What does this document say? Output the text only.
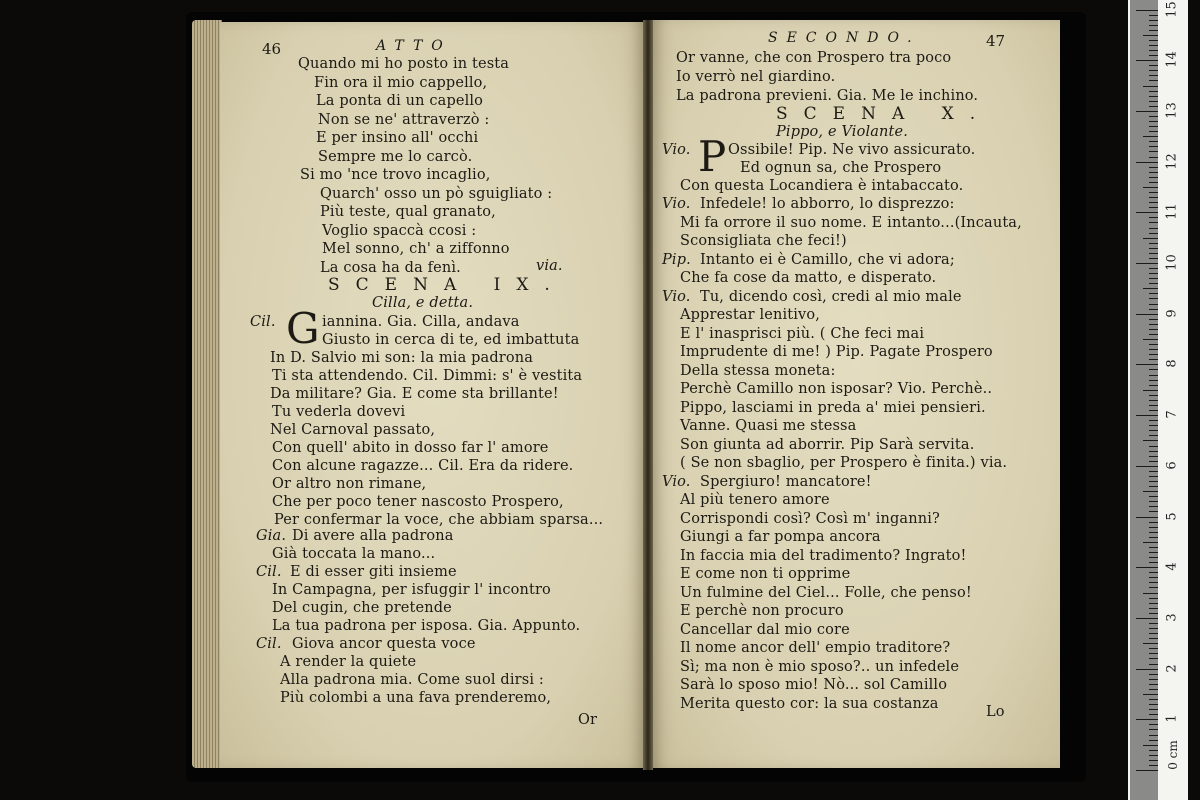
46	ATTO
Quando mi ho posto in testa
Fin ora il mio cappello,
La ponta di un capello
Non se ne' attraverzò :
E per insino all' occhi
Sempre me lo carcò.
Si mo 'nce trovo incaglio,
Quarch' osso un pò sguigliato :
Più teste, qual granato,
Voglio spaccà ccosi :
Mel sonno, ch' a ziffonno
La cosa ha da fenì.	via.
SCENA IX.
Cilla, e detta.
Cil. G iannina. Gia. Cilla, andava
Giusto in cerca di te, ed imbattuta
In D. Salvio mi son: la mia padrona
Ti sta attendendo. Cil. Dimmi: s' è vestita
Da militare? Gia. E come sta brillante!
Tu vederla dovevi
Nel Carnoval passato,
Con quell' abito in dosso far l' amore
Con alcune ragazze... Cil. Era da ridere.
Or altro non rimane,
Che per poco tener nascosto Prospero,
Per confermar la voce, che abbiam sparsa...
Gia. Di avere alla padrona
Già toccata la mano...
Cil. E di esser giti insieme
In Campagna, per isfuggir l' incontro
Del cugin, che pretende
La tua padrona per isposa. Gia. Appunto.
Cil. Giova ancor questa voce
A render la quiete
Alla padrona mia. Come suol dirsi :
Più colombi a una fava prenderemo,
Or
SECONDO.	47
Or vanne, che con Prospero tra poco
Io verrò nel giardino.
La padrona previeni. Gia. Me le inchino.
SCENA X.
Pippo, e Violante.
Vio. P Ossibile! Pip. Ne vivo assicurato.
Ed ognun sa, che Prospero
Con questa Locandiera è intabaccato.
Vio. Infedele! lo abborro, lo disprezzo:
Mi fa orrore il suo nome. E intanto...(Incauta,
Sconsigliata che feci!)
Pip. Intanto ei è Camillo, che vi adora;
Che fa cose da matto, e disperato.
Vio. Tu, dicendo così, credi al mio male
Apprestar lenitivo,
E l' inasprisci più. ( Che feci mai
Imprudente di me! ) Pip. Pagate Prospero
Della stessa moneta:
Perchè Camillo non isposar? Vio. Perchè..
Pippo, lasciami in preda a' miei pensieri.
Vanne. Quasi me stessa
Son giunta ad aborrir. Pip Sarà servita.
( Se non sbaglio, per Prospero è finita.) via.
Vio. Spergiuro! mancatore!
Al più tenero amore
Corrispondi così? Così m' inganni?
Giungi a far pompa ancora
In faccia mia del tradimento? Ingrato!
E come non ti opprime
Un fulmine del Ciel... Folle, che penso!
E perchè non procuro
Cancellar dal mio core
Il nome ancor dell' empio traditore?
Sì; ma non è mio sposo?.. un infedele
Sarà lo sposo mio! Nò... sol Camillo
Merita questo cor: la sua costanza
Lo
15
14
13
12
11
10
9
8
7
6
5
4
3
2
1
0 cm
